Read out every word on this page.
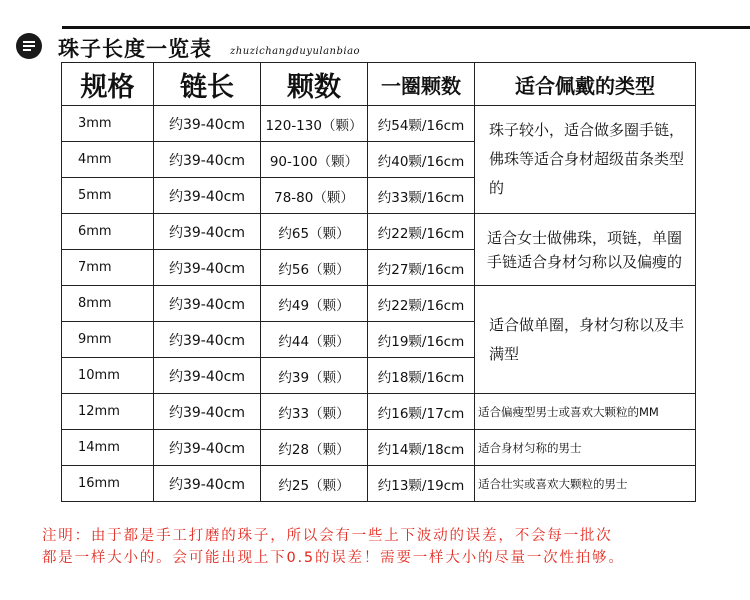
珠子长度一览表 zhuzichangduyulanbiao
规格	链长	颗数	一圈颗数	适合佩戴的类型
3mm	约39-40cm	120-130（颗）	约54颗/16cm	珠子较小，适合做多圈手链，佛珠等适合身材超级苗条类型的
4mm	约39-40cm	90-100（颗）	约40颗/16cm	
5mm	约39-40cm	78-80（颗）	约33颗/16cm	
6mm	约39-40cm	约65（颗）	约22颗/16cm	适合女士做佛珠，项链，单圈手链适合身材匀称以及偏瘦的
7mm	约39-40cm	约56（颗）	约27颗/16cm	
8mm	约39-40cm	约49（颗）	约22颗/16cm	适合做单圈，身材匀称以及丰满型
9mm	约39-40cm	约44（颗）	约19颗/16cm	
10mm	约39-40cm	约39（颗）	约18颗/16cm	
12mm	约39-40cm	约33（颗）	约16颗/17cm	适合偏瘦型男士或喜欢大颗粒的MM
14mm	约39-40cm	约28（颗）	约14颗/18cm	适合身材匀称的男士
16mm	约39-40cm	约25（颗）	约13颗/19cm	适合壮实或喜欢大颗粒的男士
注明：由于都是手工打磨的珠子，所以会有一些上下波动的误差，不会每一批次
都是一样大小的。会可能出现上下0.5的误差！需要一样大小的尽量一次性拍够。
